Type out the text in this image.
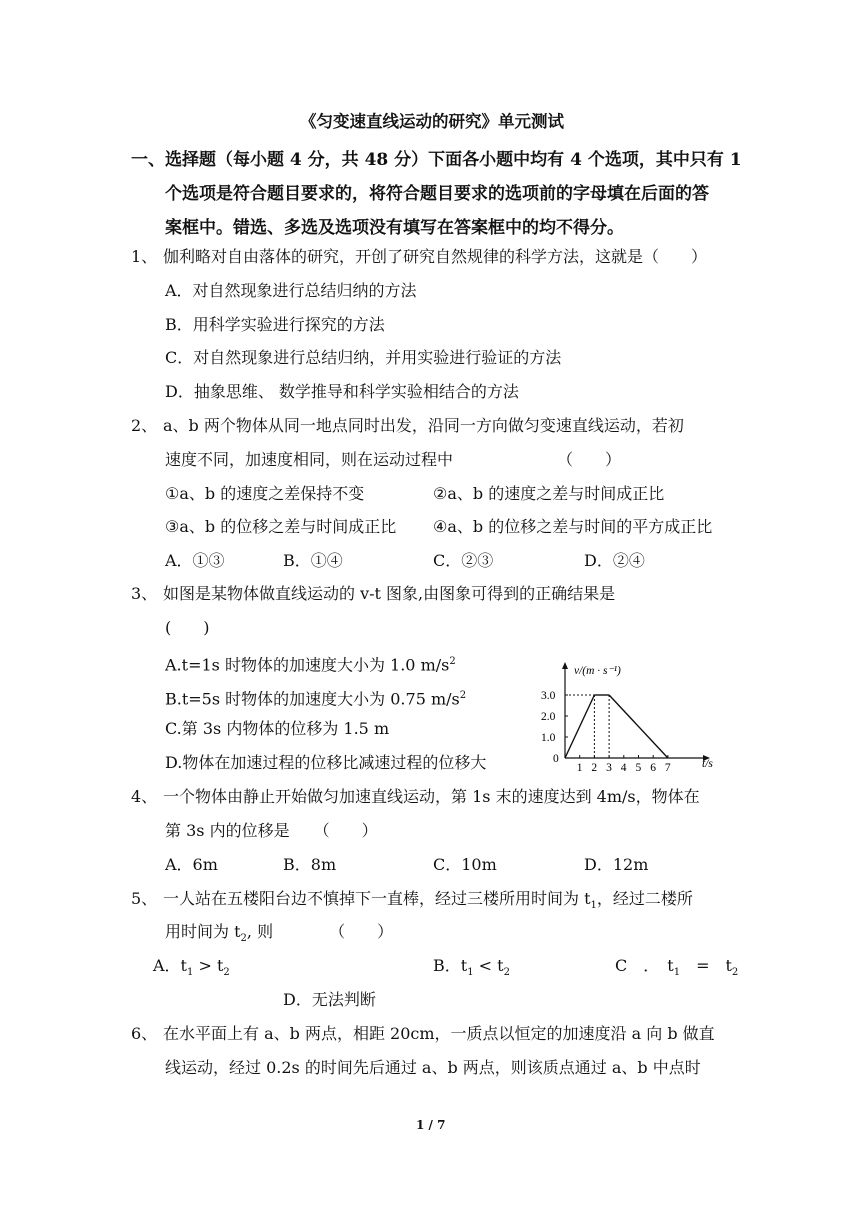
《匀变速直线运动的研究》单元测试
一、选择题（每小题 4 分，共 48 分）下面各小题中均有 4 个选项，其中只有 1
个选项是符合题目要求的，将符合题目要求的选项前的字母填在后面的答
案框中。错选、多选及选项没有填写在答案框中的均不得分。
1、 伽利略对自由落体的研究，开创了研究自然规律的科学方法，这就是（　　）
A．对自然现象进行总结归纳的方法
B．用科学实验进行探究的方法
C．对自然现象进行总结归纳，并用实验进行验证的方法
D．抽象思维、 数学推导和科学实验相结合的方法
2、 a、b 两个物体从同一地点同时出发，沿同一方向做匀变速直线运动，若初
速度不同，加速度相同，则在运动过程中　　　　　　　（　　）
①a、b 的速度之差保持不变	②a、b 的速度之差与时间成正比
③a、b 的位移之差与时间成正比 ④a、b 的位移之差与时间的平方成正比
A．①③	B．①④	C．②③	D．②④
3、 如图是某物体做直线运动的 v-t 图象,由图象可得到的正确结果是
(　　)
A.t=1s 时物体的加速度大小为 1.0 $m/s^2$
B.t=5s 时物体的加速度大小为 0.75 $m/s^2$
C.第 3s 内物体的位移为 1.5 m
D.物体在加速过程的位移比减速过程的位移大
v/(m · s⁻¹)
t/s
3.0
2.0
1.0
0
1 2 3 4 5 6 7
4、 一个物体由静止开始做匀加速直线运动，第 1s 末的速度达到 4m/s，物体在
第 3s 内的位移是　　（　　）
A．6m	B．8m	C．10m	D．12m
5、 一人站在五楼阳台边不慎掉下一直棒，经过三楼所用时间为 $t_1$，经过二楼所
用时间为 $t_2$, 则　　　　（　　）
A．$t_1 > t_2$	B．$t_1 < t_2$	C　．　$t_1$　=　$t_2$
D．无法判断
6、 在水平面上有 a、b 两点，相距 20cm，一质点以恒定的加速度沿 a 向 b 做直
线运动，经过 0.2s 的时间先后通过 a、b 两点，则该质点通过 a、b 中点时
1 / 7
